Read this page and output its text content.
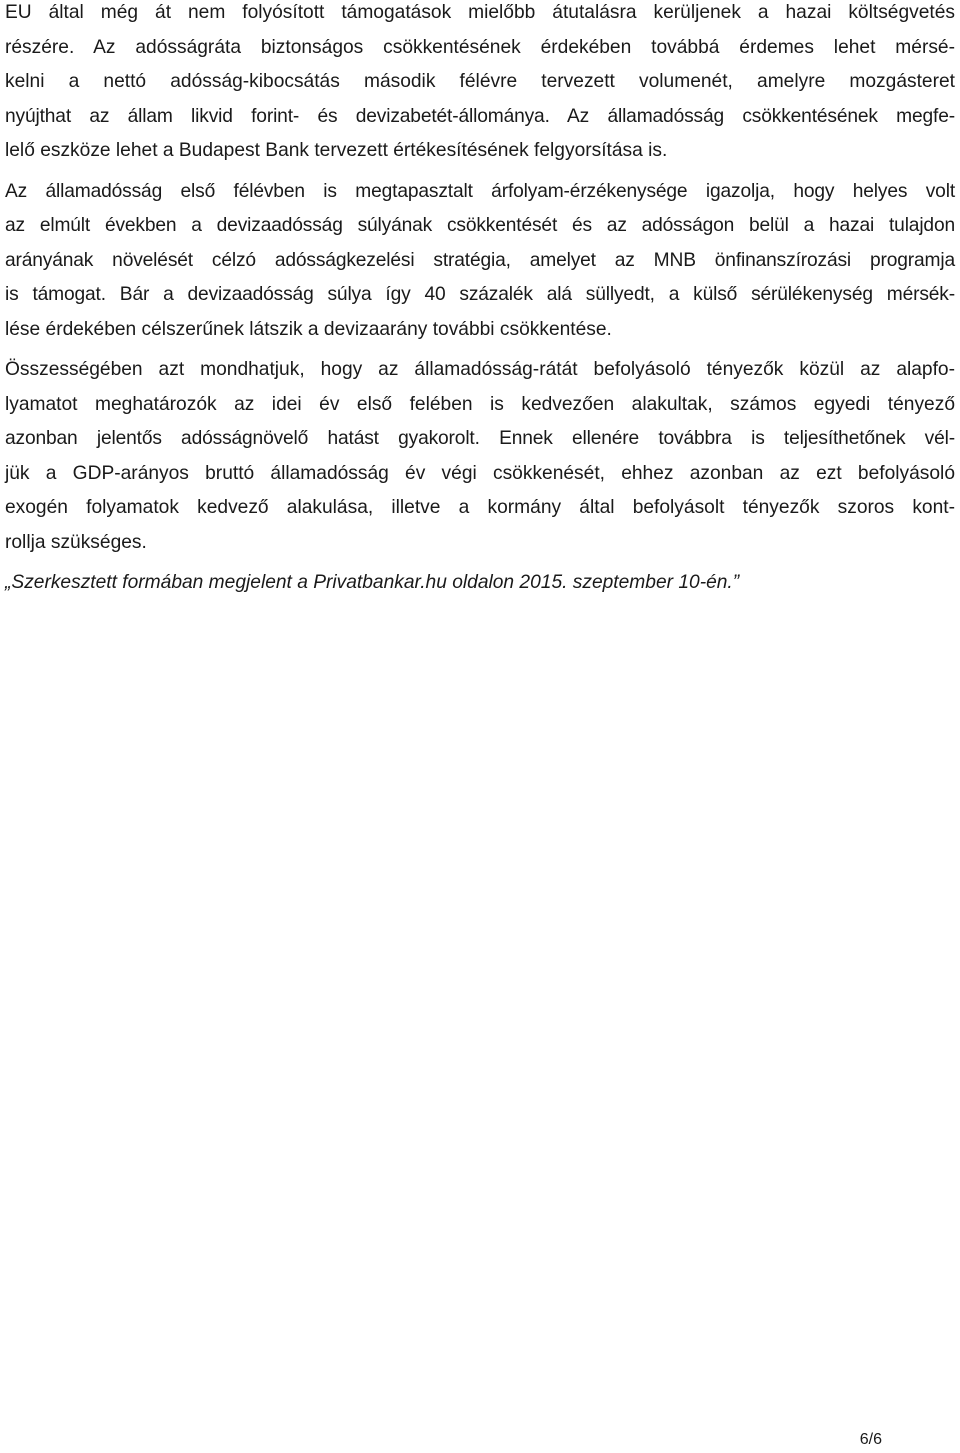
EU által még át nem folyósított támogatások mielőbb átutalásra kerüljenek a hazai költségvetés
részére. Az adósságráta biztonságos csökkentésének érdekében továbbá érdemes lehet mérsé-
kelni a nettó adósság-kibocsátás második félévre tervezett volumenét, amelyre mozgásteret
nyújthat az állam likvid forint- és devizabetét-állománya. Az államadósság csökkentésének megfe-
lelő eszköze lehet a Budapest Bank tervezett értékesítésének felgyorsítása is.

Az államadósság első félévben is megtapasztalt árfolyam-érzékenysége igazolja, hogy helyes volt
az elmúlt években a devizaadósság súlyának csökkentését és az adósságon belül a hazai tulajdon
arányának növelését célzó adósságkezelési stratégia, amelyet az MNB önfinanszírozási programja
is támogat. Bár a devizaadósság súlya így 40 százalék alá süllyedt, a külső sérülékenység mérsék-
lése érdekében célszerűnek látszik a devizaarány további csökkentése.

Összességében azt mondhatjuk, hogy az államadósság-rátát befolyásoló tényezők közül az alapfo-
lyamatot meghatározók az idei év első felében is kedvezően alakultak, számos egyedi tényező
azonban jelentős adósságnövelő hatást gyakorolt. Ennek ellenére továbbra is teljesíthetőnek vél-
jük a GDP-arányos bruttó államadósság év végi csökkenését, ehhez azonban az ezt befolyásoló
exogén folyamatok kedvező alakulása, illetve a kormány által befolyásolt tényezők szoros kont-
rollja szükséges.

„Szerkesztett formában megjelent a Privatbankar.hu oldalon 2015. szeptember 10-én.”

6/6
